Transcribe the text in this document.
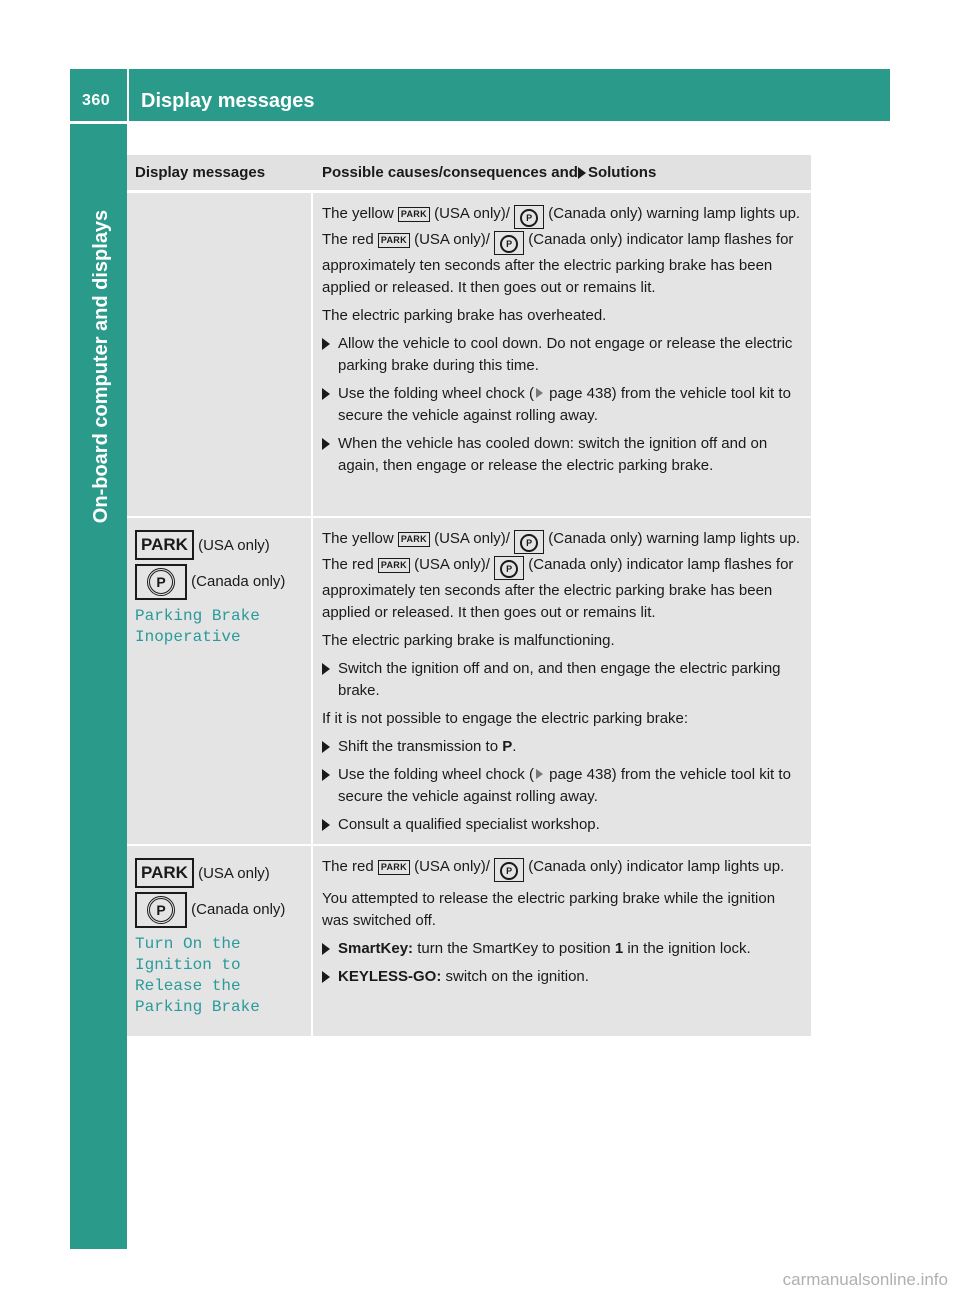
360	Display messages
On-board computer and displays
Display messages	Possible causes/consequences and Solutions

The yellow PARK (USA only)/ P (Canada only) warning lamp lights up. The red PARK (USA only)/ P (Canada only) indicator lamp flashes for approximately ten seconds after the electric parking brake has been applied or released. It then goes out or remains lit.

The electric parking brake has overheated.

Allow the vehicle to cool down. Do not engage or release the electric parking brake during this time.
Use the folding wheel chock ( page 438) from the vehicle tool kit to secure the vehicle against rolling away.
When the vehicle has cooled down: switch the ignition off and on again, then engage or release the electric parking brake.
PARK (USA only)
P (Canada only)
Parking Brake
Inoperative

The yellow PARK (USA only)/ P (Canada only) warning lamp lights up. The red PARK (USA only)/ P (Canada only) indicator lamp flashes for approximately ten seconds after the electric parking brake has been applied or released. It then goes out or remains lit.

The electric parking brake is malfunctioning.

Switch the ignition off and on, and then engage the electric parking brake.

If it is not possible to engage the electric parking brake:

Shift the transmission to P.
Use the folding wheel chock ( page 438) from the vehicle tool kit to secure the vehicle against rolling away.
Consult a qualified specialist workshop.
PARK (USA only)
P (Canada only)
Turn On the
Ignition to
Release the
Parking Brake

The red PARK (USA only)/ P (Canada only) indicator lamp lights up.

You attempted to release the electric parking brake while the ignition was switched off.

SmartKey: turn the SmartKey to position 1 in the ignition lock.
KEYLESS-GO: switch on the ignition.
carmanualsonline.info
